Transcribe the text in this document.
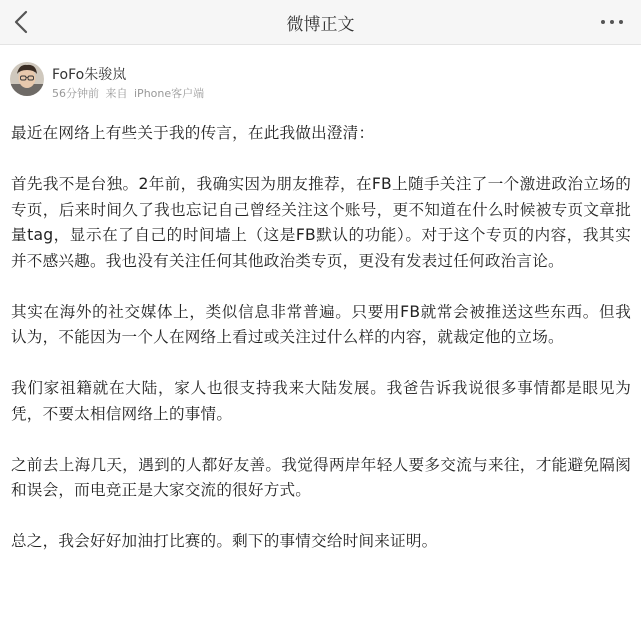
微博正文
FoFo朱骏岚
56分钟前 来自 iPhone客户端

最近在网络上有些关于我的传言，在此我做出澄清：

首先我不是台独。2年前，我确实因为朋友推荐，在FB上随手关注了一个激进政治立场的专页，后来时间久了我也忘记自己曾经关注这个账号，更不知道在什么时候被专页文章批量tag，显示在了自己的时间墙上（这是FB默认的功能）。对于这个专页的内容，我其实并不感兴趣。我也没有关注任何其他政治类专页，更没有发表过任何政治言论。

其实在海外的社交媒体上，类似信息非常普遍。只要用FB就常会被推送这些东西。但我认为，不能因为一个人在网络上看过或关注过什么样的内容，就裁定他的立场。

我们家祖籍就在大陆，家人也很支持我来大陆发展。我爸告诉我说很多事情都是眼见为凭，不要太相信网络上的事情。

之前去上海几天，遇到的人都好友善。我觉得两岸年轻人要多交流与来往，才能避免隔阂和误会，而电竞正是大家交流的很好方式。

总之，我会好好加油打比赛的。剩下的事情交给时间来证明。
